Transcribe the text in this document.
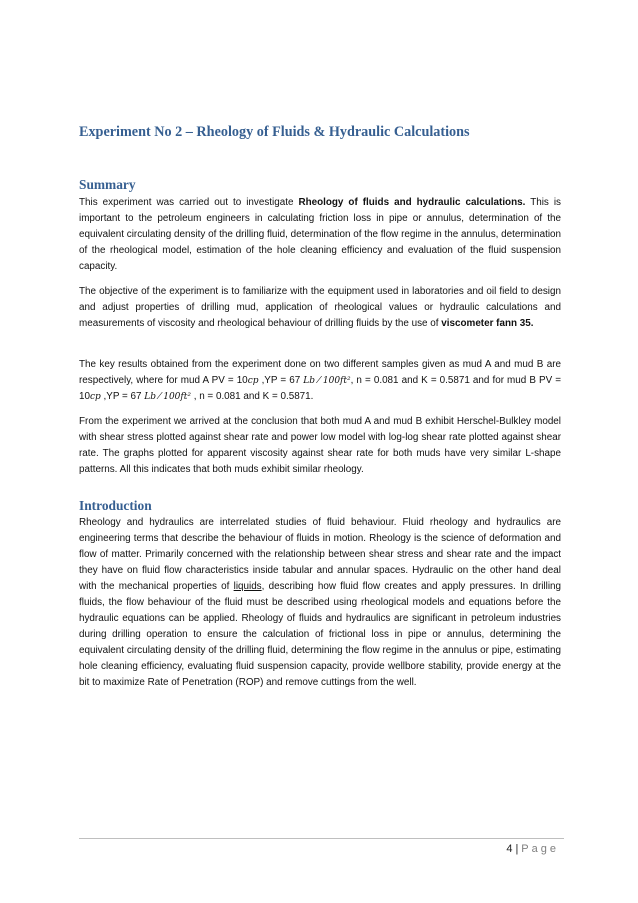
Experiment No 2 – Rheology of Fluids & Hydraulic Calculations
Summary

This experiment was carried out to investigate Rheology of fluids and hydraulic calculations. This is important to the petroleum engineers in calculating friction loss in pipe or annulus, determination of the equivalent circulating density of the drilling fluid, determination of the flow regime in the annulus, determination of the rheological model, estimation of the hole cleaning efficiency and evaluation of the fluid suspension capacity.

The objective of the experiment is to familiarize with the equipment used in laboratories and oil field to design and adjust properties of drilling mud, application of rheological values or hydraulic calculations and measurements of viscosity and rheological behaviour of drilling fluids by the use of viscometer fann 35.

The key results obtained from the experiment done on two different samples given as mud A and mud B are respectively, where for mud A PV = 10cp ,YP = 67 Lb ⁄ 100ft², n = 0.081 and K = 0.5871 and for mud B PV = 10cp ,YP = 67 Lb ⁄ 100ft² , n = 0.081 and K = 0.5871.

From the experiment we arrived at the conclusion that both mud A and mud B exhibit Herschel-Bulkley model with shear stress plotted against shear rate and power low model with log-log shear rate plotted against shear rate. The graphs plotted for apparent viscosity against shear rate for both muds have very similar L-shape patterns. All this indicates that both muds exhibit similar rheology.

Introduction

Rheology and hydraulics are interrelated studies of fluid behaviour. Fluid rheology and hydraulics are engineering terms that describe the behaviour of fluids in motion. Rheology is the science of deformation and flow of matter. Primarily concerned with the relationship between shear stress and shear rate and the impact they have on fluid flow characteristics inside tabular and annular spaces. Hydraulic on the other hand deal with the mechanical properties of liquids, describing how fluid flow creates and apply pressures. In drilling fluids, the flow behaviour of the fluid must be described using rheological models and equations before the hydraulic equations can be applied. Rheology of fluids and hydraulics are significant in petroleum industries during drilling operation to ensure the calculation of frictional loss in pipe or annulus, determining the equivalent circulating density of the drilling fluid, determining the flow regime in the annulus or pipe, estimating hole cleaning efficiency, evaluating fluid suspension capacity, provide wellbore stability, provide energy at the bit to maximize Rate of Penetration (ROP) and remove cuttings from the well.

4 | Page
